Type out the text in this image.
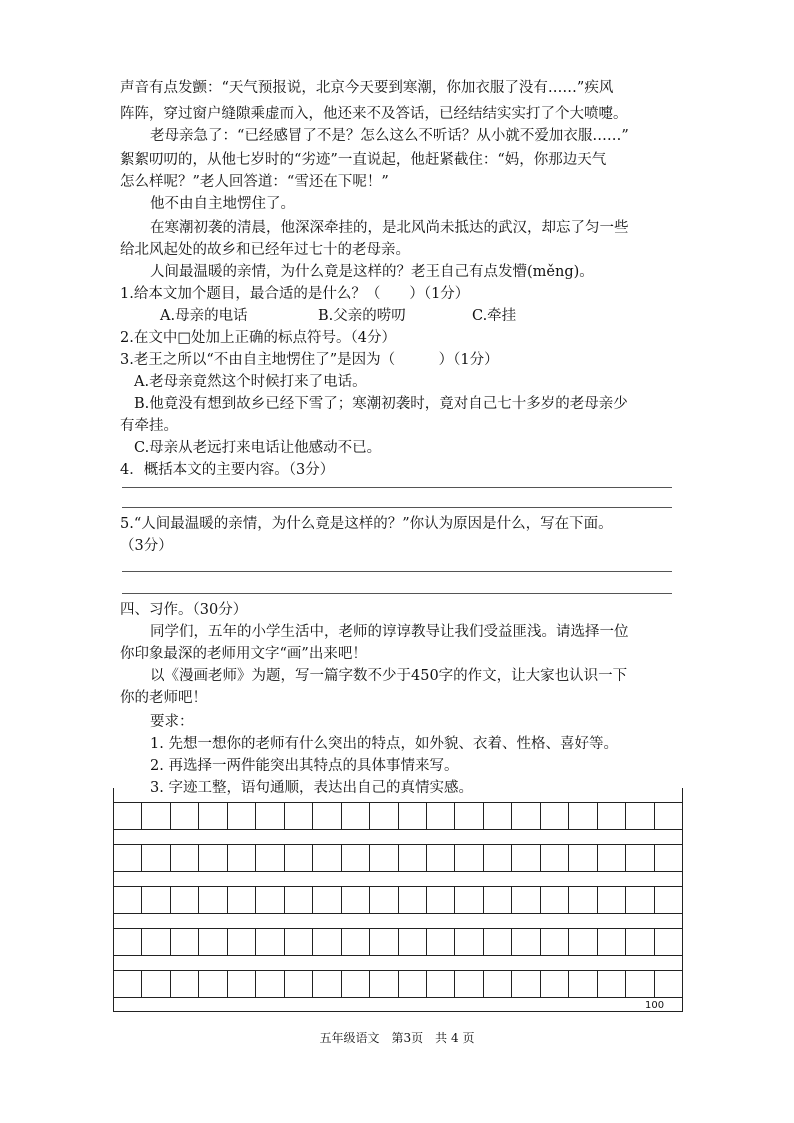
声音有点发颤：“天气预报说，北京今天要到寒潮，你加衣服了没有……”疾风
阵阵，穿过窗户缝隙乘虚而入，他还来不及答话，已经结结实实打了个大喷嚏。
老母亲急了：“已经感冒了不是？怎么这么不听话？从小就不爱加衣服……”
絮絮叨叨的，从他七岁时的“劣迹”一直说起，他赶紧截住：“妈，你那边天气
怎么样呢？”老人回答道：“雪还在下呢！”
他不由自主地愣住了。
在寒潮初袭的清晨，他深深牵挂的，是北风尚未抵达的武汉，却忘了匀一些
给北风起处的故乡和已经年过七十的老母亲。
人间最温暖的亲情，为什么竟是这样的？老王自己有点发懵(měng)。
1.给本文加个题目，最合适的是什么？（　　）（1分）
A.母亲的电话	B.父亲的唠叨	C.牵挂
2.在文中□处加上正确的标点符号。（4分）
3.老王之所以“不由自主地愣住了”是因为（　　　）（1分）
A.老母亲竟然这个时候打来了电话。
B.他竟没有想到故乡已经下雪了；寒潮初袭时，竟对自己七十多岁的老母亲少
有牵挂。
C.母亲从老远打来电话让他感动不已。
4．概括本文的主要内容。（3分）
5.“人间最温暖的亲情，为什么竟是这样的？”你认为原因是什么，写在下面。
（3分）
四、习作。（30分）
同学们，五年的小学生活中，老师的谆谆教导让我们受益匪浅。请选择一位
你印象最深的老师用文字“画”出来吧！
以《漫画老师》为题，写一篇字数不少于450字的作文，让大家也认识一下
你的老师吧！
要求：
1. 先想一想你的老师有什么突出的特点，如外貌、衣着、性格、喜好等。
2. 再选择一两件能突出其特点的具体事情来写。
3. 字迹工整，语句通顺，表达出自己的真情实感。
100
五年级语文　第3页　共 4 页
